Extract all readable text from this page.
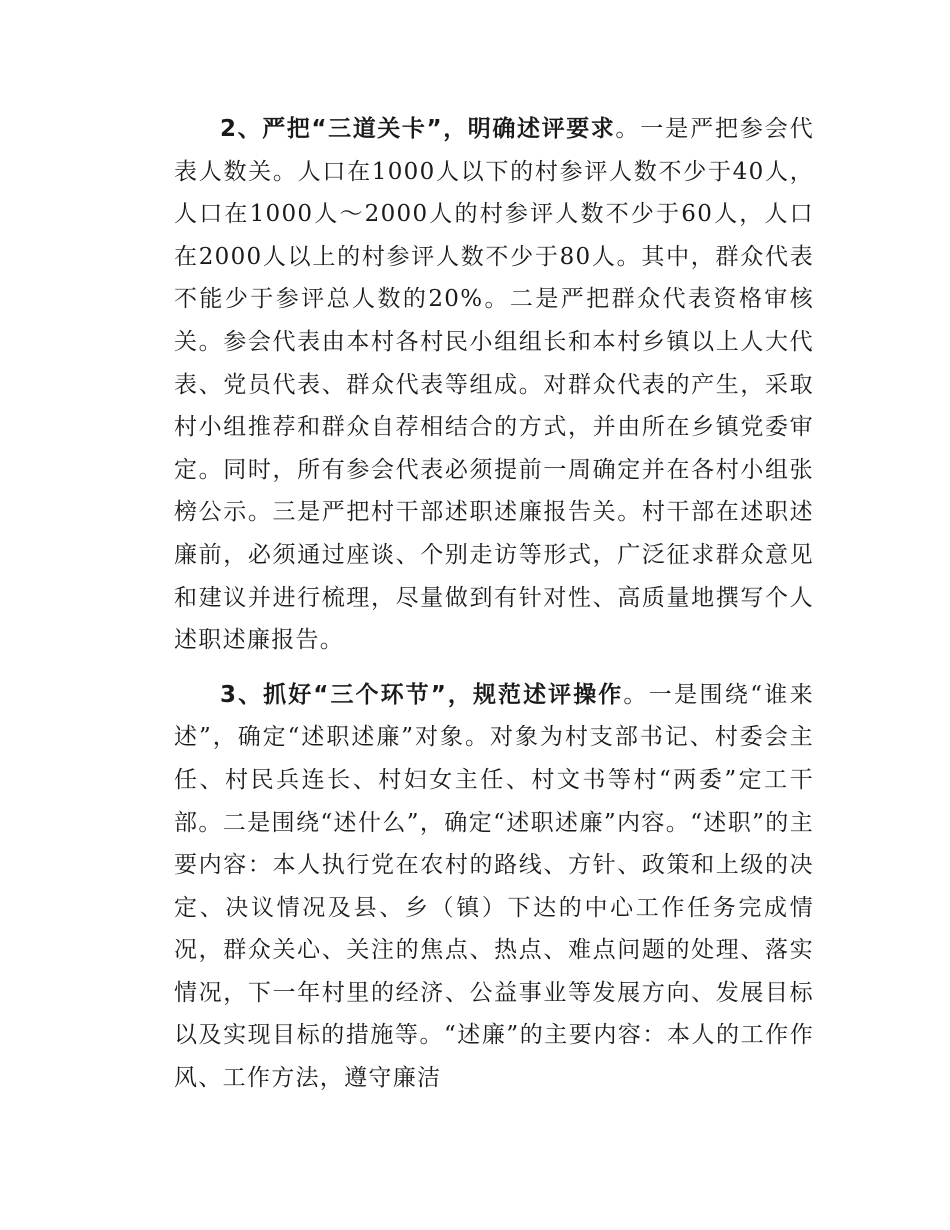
2、严把“三道关卡”，明确述评要求。一是严把参会代表人数关。人口在1000人以下的村参评人数不少于40人，人口在1000人～2000人的村参评人数不少于60人，人口在2000人以上的村参评人数不少于80人。其中，群众代表不能少于参评总人数的20%。二是严把群众代表资格审核关。参会代表由本村各村民小组组长和本村乡镇以上人大代表、党员代表、群众代表等组成。对群众代表的产生，采取村小组推荐和群众自荐相结合的方式，并由所在乡镇党委审定。同时，所有参会代表必须提前一周确定并在各村小组张榜公示。三是严把村干部述职述廉报告关。村干部在述职述廉前，必须通过座谈、个别走访等形式，广泛征求群众意见和建议并进行梳理，尽量做到有针对性、高质量地撰写个人述职述廉报告。

3、抓好“三个环节”，规范述评操作。一是围绕“谁来述”，确定“述职述廉”对象。对象为村支部书记、村委会主任、村民兵连长、村妇女主任、村文书等村“两委”定工干部。二是围绕“述什么”，确定“述职述廉”内容。“述职”的主要内容：本人执行党在农村的路线、方针、政策和上级的决定、决议情况及县、乡（镇）下达的中心工作任务完成情况，群众关心、关注的焦点、热点、难点问题的处理、落实情况，下一年村里的经济、公益事业等发展方向、发展目标以及实现目标的措施等。“述廉”的主要内容：本人的工作作风、工作方法，遵守廉洁
